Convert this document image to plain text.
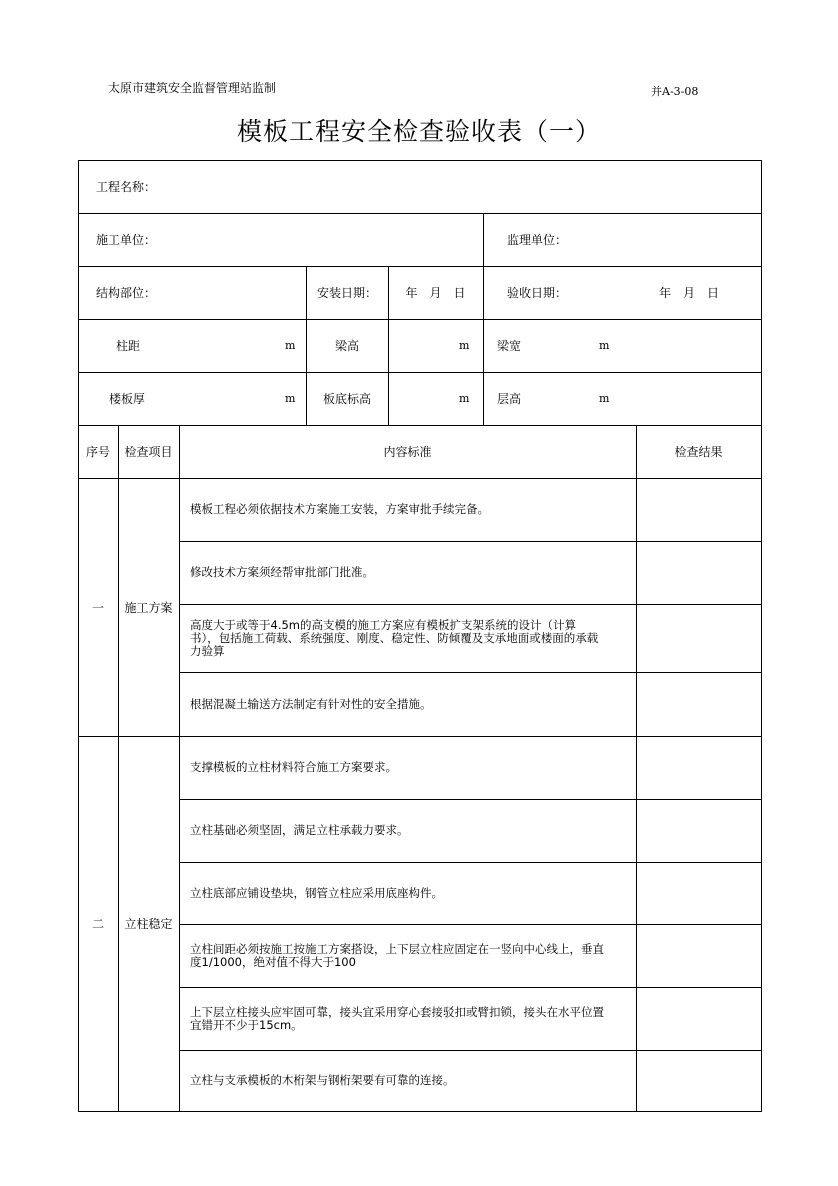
太原市建筑安全监督管理站监制	并A-3-08
模板工程安全检查验收表（一）
工程名称：
施工单位：	监理单位：
结构部位：	安装日期：	年　月　日	验收日期：	年　月　日
柱距	m	梁高	m 梁宽	m
楼板厚	m	板底标高	m 层高	m
序号	检查项目	内容标准	检查结果
一	施工方案
模板工程必须依据技术方案施工安装，方案审批手续完备。
修改技术方案须经帮审批部门批准。
高度大于或等于4.5m的高支模的施工方案应有模板扩支架系统的设计（计算书），包括施工荷载、系统强度、刚度、稳定性、防倾覆及支承地面或楼面的承载力验算
根据混凝土输送方法制定有针对性的安全措施。
二	立柱稳定
支撑模板的立柱材料符合施工方案要求。
立柱基础必须坚固，满足立柱承载力要求。
立柱底部应铺设垫块，钢管立柱应采用底座构件。
立柱间距必须按施工按施工方案搭设，上下层立柱应固定在一竖向中心线上，垂直度1/1000，绝对值不得大于100
上下层立柱接头应牢固可靠，接头宜采用穿心套接驳扣或臂扣锁，接头在水平位置宜错开不少于15cm。
立柱与支承模板的木桁架与钢桁架要有可靠的连接。
